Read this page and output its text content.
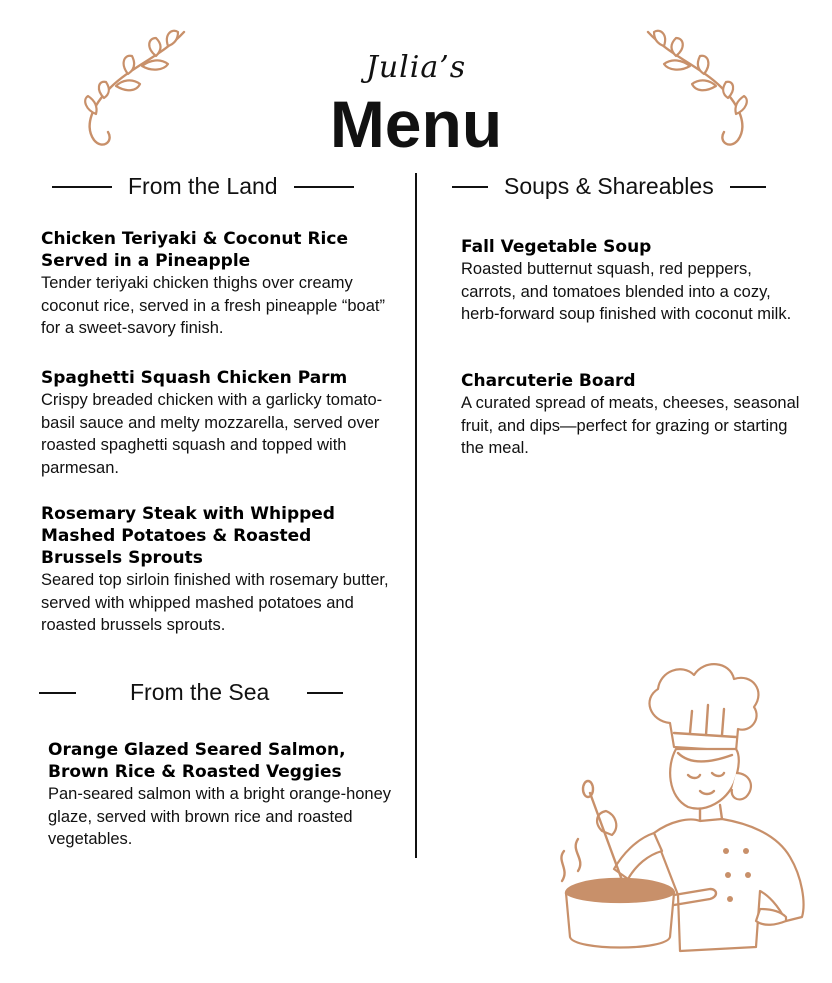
Julia’s
Menu
From the Land
Chicken Teriyaki & Coconut Rice Served in a Pineapple
Tender teriyaki chicken thighs over creamy coconut rice, served in a fresh pineapple “boat” for a sweet-savory finish.
Spaghetti Squash Chicken Parm
Crispy breaded chicken with a garlicky tomato-basil sauce and melty mozzarella, served over roasted spaghetti squash and topped with parmesan.
Rosemary Steak with Whipped Mashed Potatoes & Roasted Brussels Sprouts
Seared top sirloin finished with rosemary butter, served with whipped mashed potatoes and roasted brussels sprouts.
From the Sea
Orange Glazed Seared Salmon, Brown Rice & Roasted Veggies
Pan-seared salmon with a bright orange-honey glaze, served with brown rice and roasted vegetables.
Soups & Shareables
Fall Vegetable Soup
Roasted butternut squash, red peppers, carrots, and tomatoes blended into a cozy, herb-forward soup finished with coconut milk.
Charcuterie Board
A curated spread of meats, cheeses, seasonal fruit, and dips—perfect for grazing or starting the meal.
